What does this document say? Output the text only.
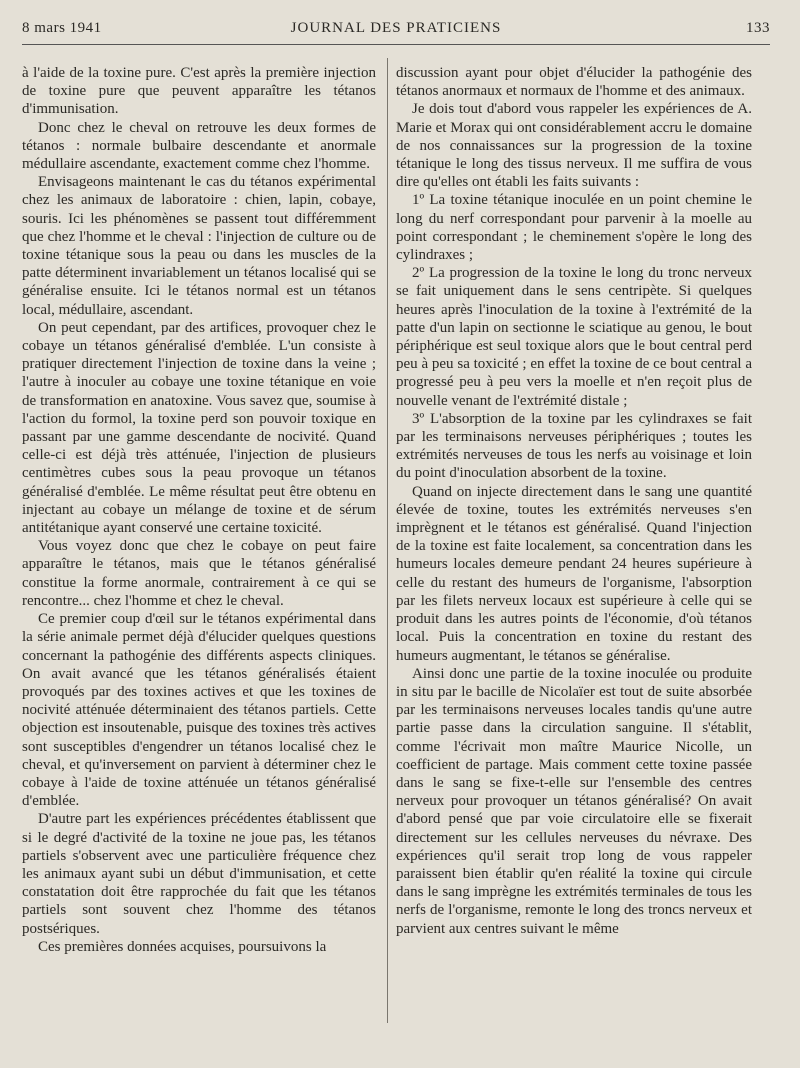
8 mars 1941	JOURNAL DES PRATICIENS	133

à l'aide de la toxine pure. C'est après la première injection de toxine pure que peuvent apparaître les tétanos d'immunisation.

Donc chez le cheval on retrouve les deux formes de tétanos : normale bulbaire descendante et anormale médullaire ascendante, exactement comme chez l'homme.

Envisageons maintenant le cas du tétanos expérimental chez les animaux de laboratoire : chien, lapin, cobaye, souris. Ici les phénomènes se passent tout différemment que chez l'homme et le cheval : l'injection de culture ou de toxine tétanique sous la peau ou dans les muscles de la patte déterminent invariablement un tétanos localisé qui se généralise ensuite. Ici le tétanos normal est un tétanos local, médullaire, ascendant.

On peut cependant, par des artifices, provoquer chez le cobaye un tétanos généralisé d'emblée. L'un consiste à pratiquer directement l'injection de toxine dans la veine ; l'autre à inoculer au cobaye une toxine tétanique en voie de transformation en anatoxine. Vous savez que, soumise à l'action du formol, la toxine perd son pouvoir toxique en passant par une gamme descendante de nocivité. Quand celle-ci est déjà très atténuée, l'injection de plusieurs centimètres cubes sous la peau provoque un tétanos généralisé d'emblée. Le même résultat peut être obtenu en injectant au cobaye un mélange de toxine et de sérum antitétanique ayant conservé une certaine toxicité.

Vous voyez donc que chez le cobaye on peut faire apparaître le tétanos, mais que le tétanos généralisé constitue la forme anormale, contrairement à ce qui se rencontre... chez l'homme et chez le cheval.

Ce premier coup d'œil sur le tétanos expérimental dans la série animale permet déjà d'élucider quelques questions concernant la pathogénie des différents aspects cliniques. On avait avancé que les tétanos généralisés étaient provoqués par des toxines actives et que les toxines de nocivité atténuée déterminaient des tétanos partiels. Cette objection est insoutenable, puisque des toxines très actives sont susceptibles d'engendrer un tétanos localisé chez le cheval, et qu'inversement on parvient à déterminer chez le cobaye à l'aide de toxine atténuée un tétanos généralisé d'emblée.

D'autre part les expériences précédentes établissent que si le degré d'activité de la toxine ne joue pas, les tétanos partiels s'observent avec une particulière fréquence chez les animaux ayant subi un début d'immunisation, et cette constatation doit être rapprochée du fait que les tétanos partiels sont souvent chez l'homme des tétanos postsériques.

Ces premières données acquises, poursuivons la

discussion ayant pour objet d'élucider la pathogénie des tétanos anormaux et normaux de l'homme et des animaux.

Je dois tout d'abord vous rappeler les expériences de A. Marie et Morax qui ont considérablement accru le domaine de nos connaissances sur la progression de la toxine tétanique le long des tissus nerveux. Il me suffira de vous dire qu'elles ont établi les faits suivants :

1º La toxine tétanique inoculée en un point chemine le long du nerf correspondant pour parvenir à la moelle au point correspondant ; le cheminement s'opère le long des cylindraxes ;

2º La progression de la toxine le long du tronc nerveux se fait uniquement dans le sens centripète. Si quelques heures après l'inoculation de la toxine à l'extrémité de la patte d'un lapin on sectionne le sciatique au genou, le bout périphérique est seul toxique alors que le bout central perd peu à peu sa toxicité ; en effet la toxine de ce bout central a progressé peu à peu vers la moelle et n'en reçoit plus de nouvelle venant de l'extrémité distale ;

3º L'absorption de la toxine par les cylindraxes se fait par les terminaisons nerveuses périphériques ; toutes les extrémités nerveuses de tous les nerfs au voisinage et loin du point d'inoculation absorbent de la toxine.

Quand on injecte directement dans le sang une quantité élevée de toxine, toutes les extrémités nerveuses s'en imprègnent et le tétanos est généralisé. Quand l'injection de la toxine est faite localement, sa concentration dans les humeurs locales demeure pendant 24 heures supérieure à celle du restant des humeurs de l'organisme, l'absorption par les filets nerveux locaux est supérieure à celle qui se produit dans les autres points de l'économie, d'où tétanos local. Puis la concentration en toxine du restant des humeurs augmentant, le tétanos se généralise.

Ainsi donc une partie de la toxine inoculée ou produite in situ par le bacille de Nicolaïer est tout de suite absorbée par les terminaisons nerveuses locales tandis qu'une autre partie passe dans la circulation sanguine. Il s'établit, comme l'écrivait mon maître Maurice Nicolle, un coefficient de partage. Mais comment cette toxine passée dans le sang se fixe-t-elle sur l'ensemble des centres nerveux pour provoquer un tétanos généralisé? On avait d'abord pensé que par voie circulatoire elle se fixerait directement sur les cellules nerveuses du névraxe. Des expériences qu'il serait trop long de vous rappeler paraissent bien établir qu'en réalité la toxine qui circule dans le sang imprègne les extrémités terminales de tous les nerfs de l'organisme, remonte le long des troncs nerveux et parvient aux centres suivant le même
